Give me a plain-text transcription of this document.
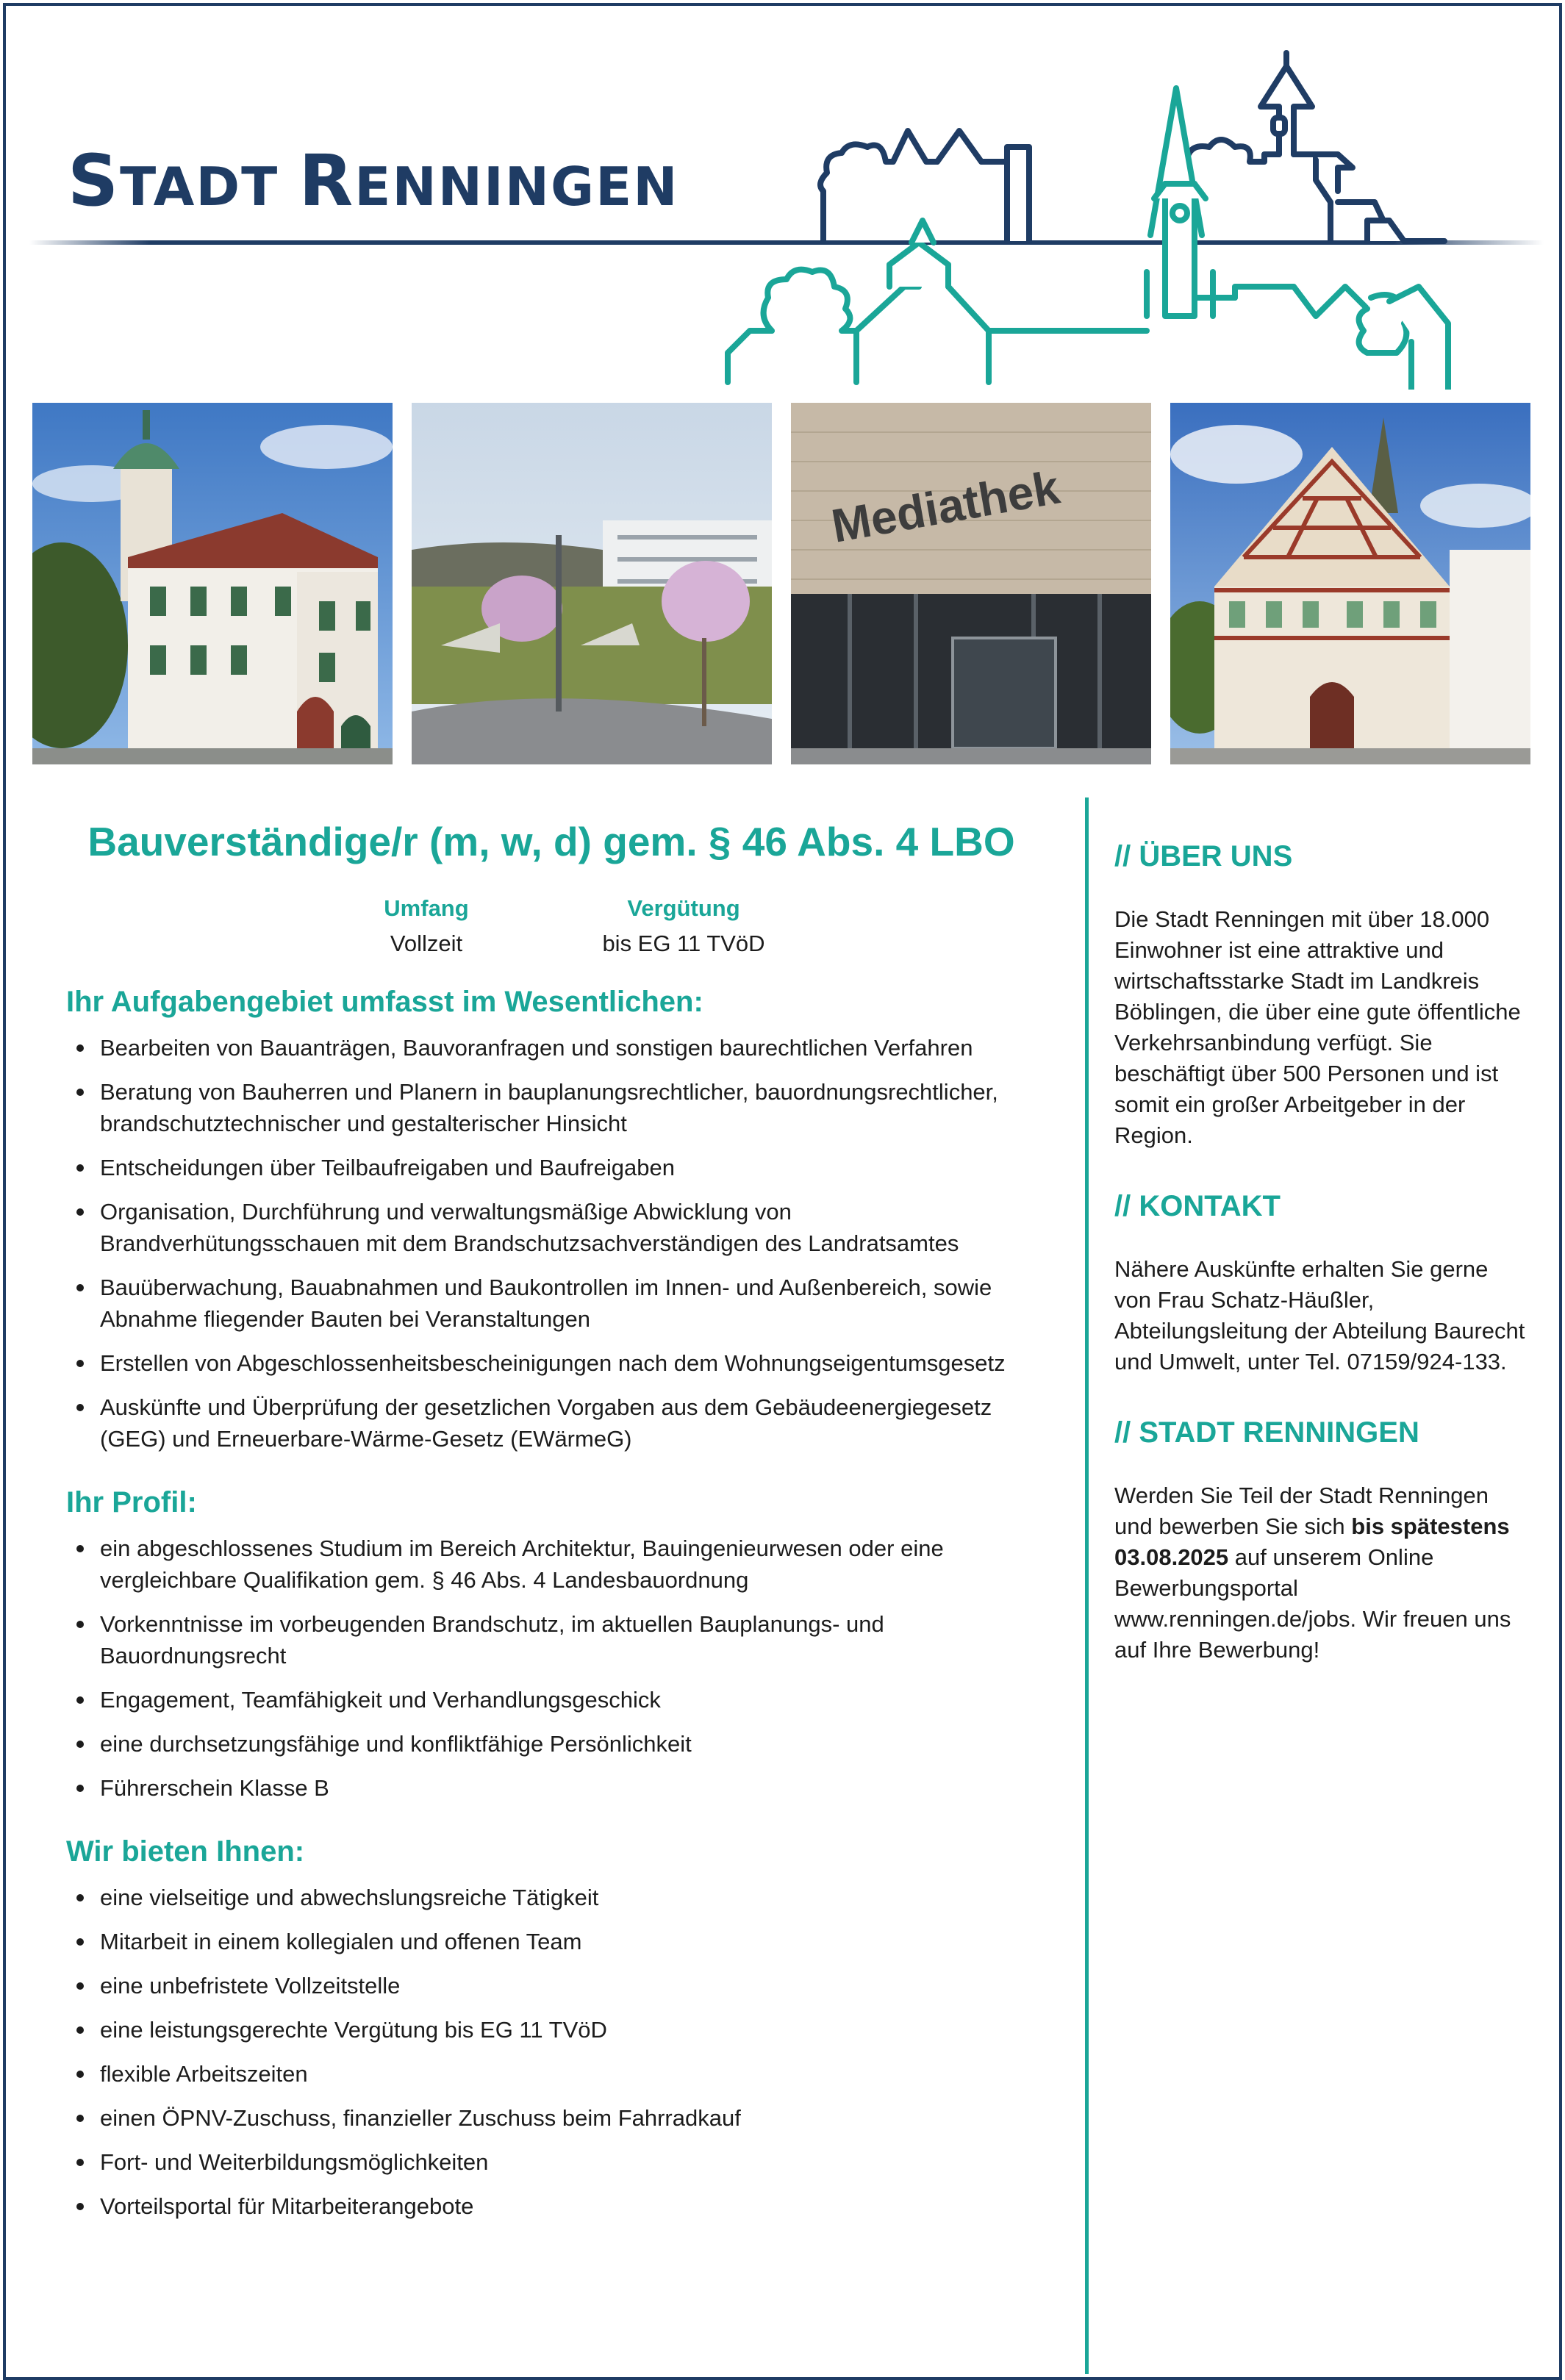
STADT RENNINGEN
Mediathek
Bauverständige/r (m, w, d) gem. § 46 Abs. 4 LBO
Umfang
Vollzeit
Vergütung
bis EG 11 TVöD
Ihr Aufgabengebiet umfasst im Wesentlichen:
Bearbeiten von Bauanträgen, Bauvoranfragen und sonstigen baurechtlichen Verfahren
Beratung von Bauherren und Planern in bauplanungsrechtlicher, bauordnungsrechtlicher, brandschutztechnischer und gestalterischer Hinsicht
Entscheidungen über Teilbaufreigaben und Baufreigaben
Organisation, Durchführung und verwaltungsmäßige Abwicklung von Brandverhütungsschauen mit dem Brandschutzsachverständigen des Landratsamtes
Bauüberwachung, Bauabnahmen und Baukontrollen im Innen- und Außenbereich, sowie Abnahme fliegender Bauten bei Veranstaltungen
Erstellen von Abgeschlossenheitsbescheinigungen nach dem Wohnungseigentumsgesetz
Auskünfte und Überprüfung der gesetzlichen Vorgaben aus dem Gebäudeenergiegesetz (GEG) und Erneuerbare-Wärme-Gesetz (EWärmeG)
Ihr Profil:
ein abgeschlossenes Studium im Bereich Architektur, Bauingenieurwesen oder eine vergleichbare Qualifikation gem. § 46 Abs. 4 Landesbauordnung
Vorkenntnisse im vorbeugenden Brandschutz, im aktuellen Bauplanungs- und Bauordnungsrecht
Engagement, Teamfähigkeit und Verhandlungsgeschick
eine durchsetzungsfähige und konfliktfähige Persönlichkeit
Führerschein Klasse B
Wir bieten Ihnen:
eine vielseitige und abwechslungsreiche Tätigkeit
Mitarbeit in einem kollegialen und offenen Team
eine unbefristete Vollzeitstelle
eine leistungsgerechte Vergütung bis EG 11 TVöD
flexible Arbeitszeiten
einen ÖPNV-Zuschuss, finanzieller Zuschuss beim Fahrradkauf
Fort- und Weiterbildungsmöglichkeiten
Vorteilsportal für Mitarbeiterangebote
// ÜBER UNS

Die Stadt Renningen mit über 18.000 Einwohner ist eine attraktive und wirtschaftsstarke Stadt im Landkreis Böblingen, die über eine gute öffentliche Verkehrsanbindung verfügt. Sie beschäftigt über 500 Personen und ist somit ein großer Arbeitgeber in der Region.

// KONTAKT

Nähere Auskünfte erhalten Sie gerne von Frau Schatz-Häußler, Abteilungsleitung der Abteilung Baurecht und Umwelt, unter Tel. 07159/924-133.

// STADT RENNINGEN

Werden Sie Teil der Stadt Renningen und bewerben Sie sich bis spätestens 03.08.2025 auf unserem Online Bewerbungsportal www.renningen.de/jobs. Wir freuen uns auf Ihre Bewerbung!
